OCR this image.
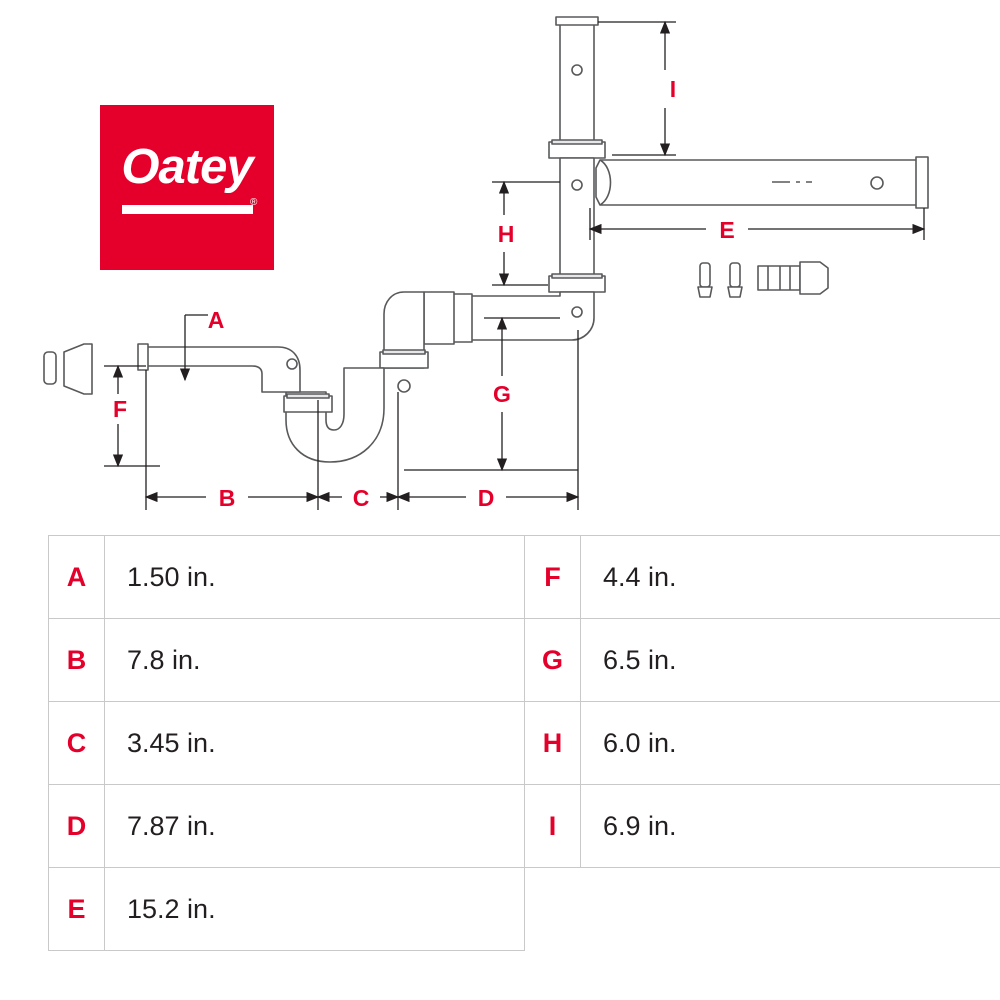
Oatey
®
A
B	C	D
E
F
G
H
I
A	1.50 in.	F	4.4 in.
B	7.8 in.	G	6.5 in.
C	3.45 in.	H	6.0 in.
D	7.87 in.	I	6.9 in.
E	15.2 in.		
